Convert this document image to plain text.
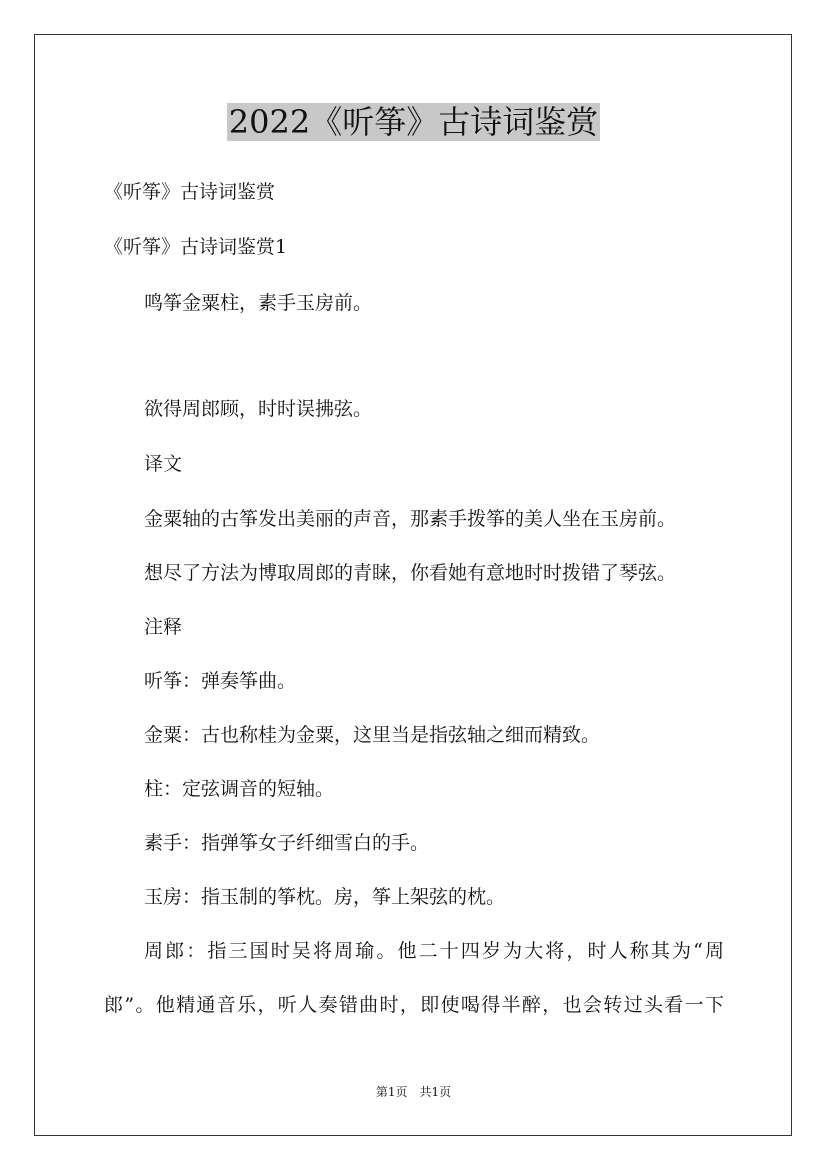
2022《听筝》古诗词鉴赏

《听筝》古诗词鉴赏

《听筝》古诗词鉴赏1

鸣筝金粟柱，素手玉房前。

欲得周郎顾，时时误拂弦。

译文

金粟轴的古筝发出美丽的声音，那素手拨筝的美人坐在玉房前。

想尽了方法为博取周郎的青睐，你看她有意地时时拨错了琴弦。

注释

听筝：弹奏筝曲。

金粟：古也称桂为金粟，这里当是指弦轴之细而精致。

柱：定弦调音的短轴。

素手：指弹筝女子纤细雪白的手。

玉房：指玉制的筝枕。房，筝上架弦的枕。

周郎：指三国时吴将周瑜。他二十四岁为大将，时人称其为“周

郎”。他精通音乐，听人奏错曲时，即使喝得半醉，也会转过头看一下

第1页　共1页
